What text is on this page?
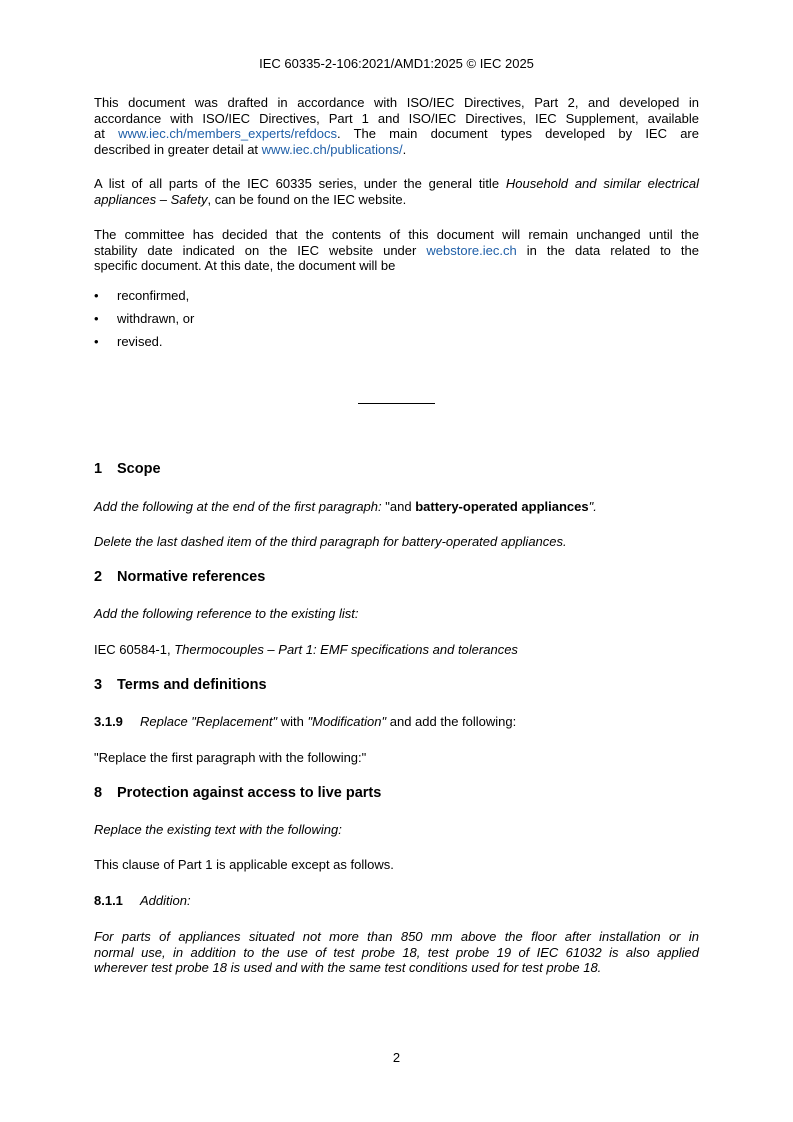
IEC 60335-2-106:2021/AMD1:2025 © IEC 2025
This document was drafted in accordance with ISO/IEC Directives, Part 2, and developed in
accordance with ISO/IEC Directives, Part 1 and ISO/IEC Directives, IEC Supplement, available
at www.iec.ch/members_experts/refdocs. The main document types developed by IEC are
described in greater detail at www.iec.ch/publications/.
A list of all parts of the IEC 60335 series, under the general title Household and similar electrical
appliances – Safety, can be found on the IEC website.
The committee has decided that the contents of this document will remain unchanged until the
stability date indicated on the IEC website under webstore.iec.ch in the data related to the
specific document. At this date, the document will be
• reconfirmed,
• withdrawn, or
• revised.
1 Scope
Add the following at the end of the first paragraph: "and battery-operated appliances".
Delete the last dashed item of the third paragraph for battery-operated appliances.
2 Normative references
Add the following reference to the existing list:
IEC 60584-1, Thermocouples – Part 1: EMF specifications and tolerances
3 Terms and definitions
3.1.9 Replace "Replacement" with "Modification" and add the following:
"Replace the first paragraph with the following:"
8 Protection against access to live parts
Replace the existing text with the following:
This clause of Part 1 is applicable except as follows.
8.1.1 Addition:
For parts of appliances situated not more than 850 mm above the floor after installation or in
normal use, in addition to the use of test probe 18, test probe 19 of IEC 61032 is also applied
wherever test probe 18 is used and with the same test conditions used for test probe 18.
2
